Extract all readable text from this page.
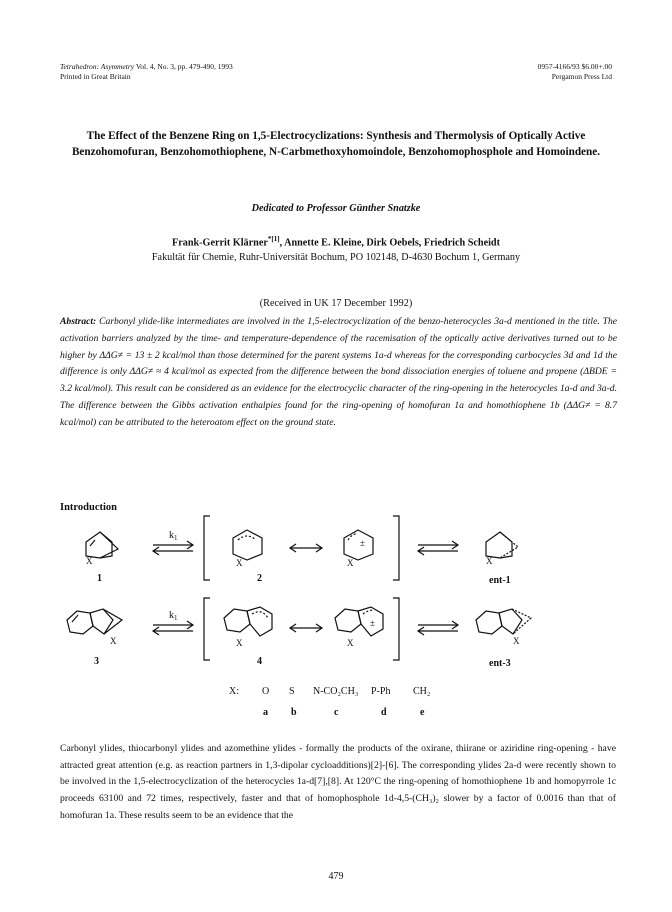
Tetrahedron: Asymmetry Vol. 4, No. 3, pp. 479-490, 1993
Printed in Great Britain
0957-4166/93 $6.00+.00
Pergamon Press Ltd
The Effect of the Benzene Ring on 1,5-Electrocyclizations: Synthesis and Thermolysis of Optically Active Benzohomofuran, Benzohomothiophene, N-Carbmethoxyhomoindole, Benzohomophosphole and Homoindene.
Dedicated to Professor Günther Snatzke
Frank-Gerrit Klärner$^{*[1]}$, Annette E. Kleine, Dirk Oebels, Friedrich Scheidt
Fakultät für Chemie, Ruhr-Universität Bochum, PO 102148, D-4630 Bochum 1, Germany
(Received in UK 17 December 1992)
Abstract: Carbonyl ylide-like intermediates are involved in the 1,5-electrocyclization of the benzo-heterocycles 3a-d mentioned in the title. The activation barriers analyzed by the time- and temperature-dependence of the racemisation of the optically active derivatives turned out to be higher by ΔΔG≠ = 13 ± 2 kcal/mol than those determined for the parent systems 1a-d whereas for the corresponding carbocycles 3d and 1d the difference is only ΔΔG≠ ≈ 4 kcal/mol as expected from the difference between the bond dissociation energies of toluene and propene (ΔBDE = 3.2 kcal/mol). This result can be considered as an evidence for the electrocyclic character of the ring-opening in the heterocycles 1a-d and 3a-d. The difference between the Gibbs activation enthalpies found for the ring-opening of homofuran 1a and homothiophene 1b (ΔΔG≠ = 8.7 kcal/mol) can be attributed to the heteroatom effect on the ground state.
Introduction
$k_1$
$k_1$
X	X	X
±
X
X	X	X
±
X
1	2	ent-1
3	4	ent-3
X: O S N-CO₂CH₃ P-Ph CH₂
a b	c	d	e
Carbonyl ylides, thiocarbonyl ylides and azomethine ylides - formally the products of the oxirane, thiirane or aziridine ring-opening - have attracted great attention (e.g. as reaction partners in 1,3-dipolar cycloadditions)[2]-[6]. The corresponding ylides 2a-d were recently shown to be involved in the 1,5-electrocyclization of the heterocycles 1a-d[7],[8]. At 120°C the ring-opening of homothiophene 1b and homopyrrole 1c proceeds 63100 and 72 times, respectively, faster and that of homophosphole 1d-4,5-(CH₃)₂ slower by a factor of 0.0016 than that of homofuran 1a. These results seem to be an evidence that the
479
